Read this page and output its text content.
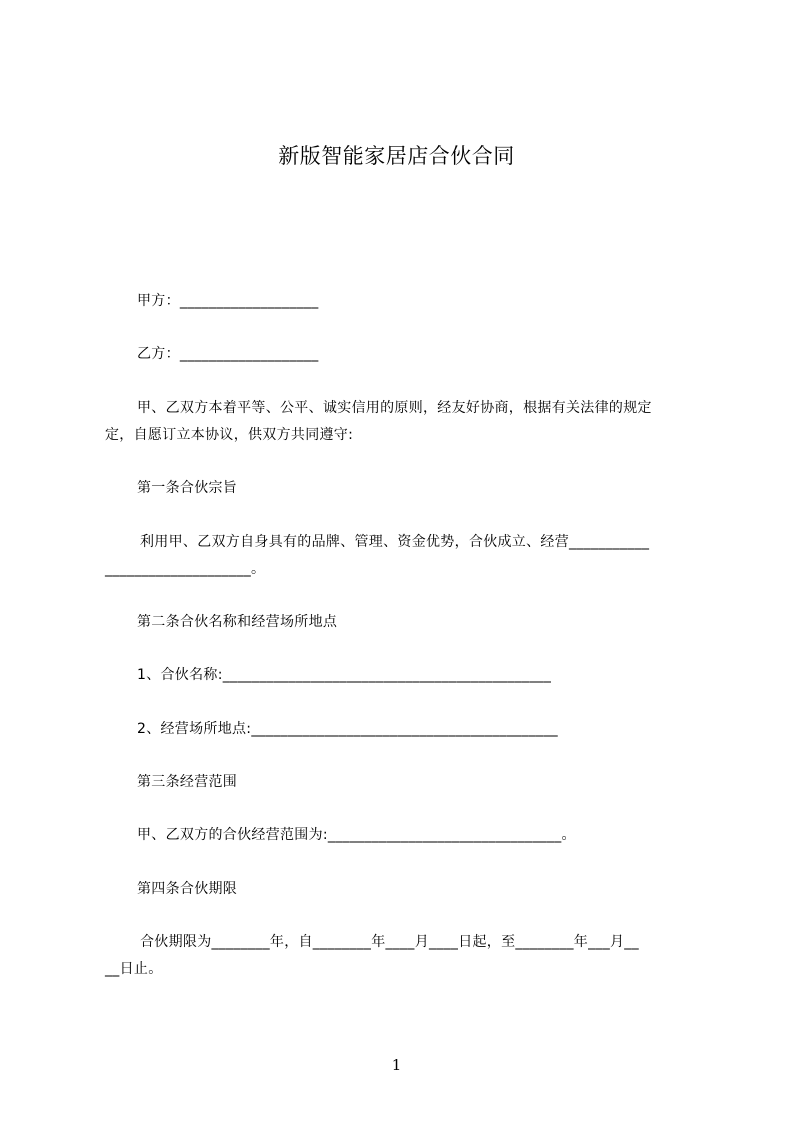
新版智能家居店合伙合同
甲方：___________________
乙方：___________________
甲、乙双方本着平等、公平、诚实信用的原则，经友好协商，根据有关法律的规定
定，自愿订立本协议，供双方共同遵守:
第一条合伙宗旨
利用甲、乙双方自身具有的品牌、管理、资金优势，合伙成立、经营___________
____________________。
第二条合伙名称和经营场所地点
1、合伙名称:_____________________________________________
2、经营场所地点:__________________________________________
第三条经营范围
甲、乙双方的合伙经营范围为:________________________________。
第四条合伙期限
合伙期限为________年，自________年____月____日起，至________年___月__
__日止。
1
